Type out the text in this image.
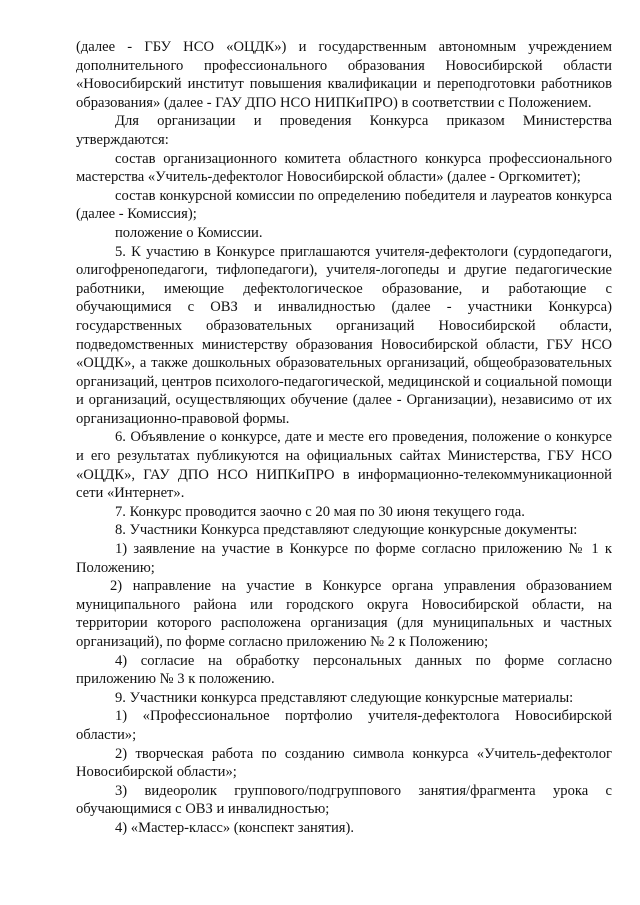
(далее - ГБУ НСО «ОЦДК») и государственным автономным учреждением дополнительного профессионального образования Новосибирской области «Новосибирский институт повышения квалификации и переподготовки работников образования» (далее - ГАУ ДПО НСО НИПКиПРО) в соответствии с Положением.

Для организации и проведения Конкурса приказом Министерства утверждаются:

состав организационного комитета областного конкурса профессионального мастерства «Учитель-дефектолог Новосибирской области» (далее - Оргкомитет);

состав конкурсной комиссии по определению победителя и лауреатов конкурса (далее - Комиссия);

положение о Комиссии.

5. К участию в Конкурсе приглашаются учителя-дефектологи (сурдопедагоги, олигофренопедагоги, тифлопедагоги), учителя-логопеды и другие педагогические работники, имеющие дефектологическое образование, и работающие с обучающимися с ОВЗ и инвалидностью (далее - участники Конкурса) государственных образовательных организаций Новосибирской области, подведомственных министерству образования Новосибирской области, ГБУ НСО «ОЦДК», а также дошкольных образовательных организаций, общеобразовательных организаций, центров психолого-педагогической, медицинской и социальной помощи и организаций, осуществляющих обучение (далее - Организации), независимо от их организационно-правовой формы.

6. Объявление о конкурсе, дате и месте его проведения, положение о конкурсе и его результатах публикуются на официальных сайтах Министерства, ГБУ НСО «ОЦДК», ГАУ ДПО НСО НИПКиПРО в информационно-телекоммуникационной сети «Интернет».

7. Конкурс проводится заочно с 20 мая по 30 июня текущего года.

8. Участники Конкурса представляют следующие конкурсные документы:

1) заявление на участие в Конкурсе по форме согласно приложению № 1 к Положению;

2) направление на участие в Конкурсе органа управления образованием муниципального района или городского округа Новосибирской области, на территории которого расположена организация (для муниципальных и частных организаций), по форме согласно приложению № 2 к Положению;

4) согласие на обработку персональных данных по форме согласно приложению № 3 к положению.

9. Участники конкурса представляют следующие конкурсные материалы:

1) «Профессиональное портфолио учителя-дефектолога Новосибирской области»;

2) творческая работа по созданию символа конкурса «Учитель-дефектолог Новосибирской области»;

3) видеоролик группового/подгруппового занятия/фрагмента урока с обучающимися с ОВЗ и инвалидностью;

4) «Мастер-класс» (конспект занятия).
